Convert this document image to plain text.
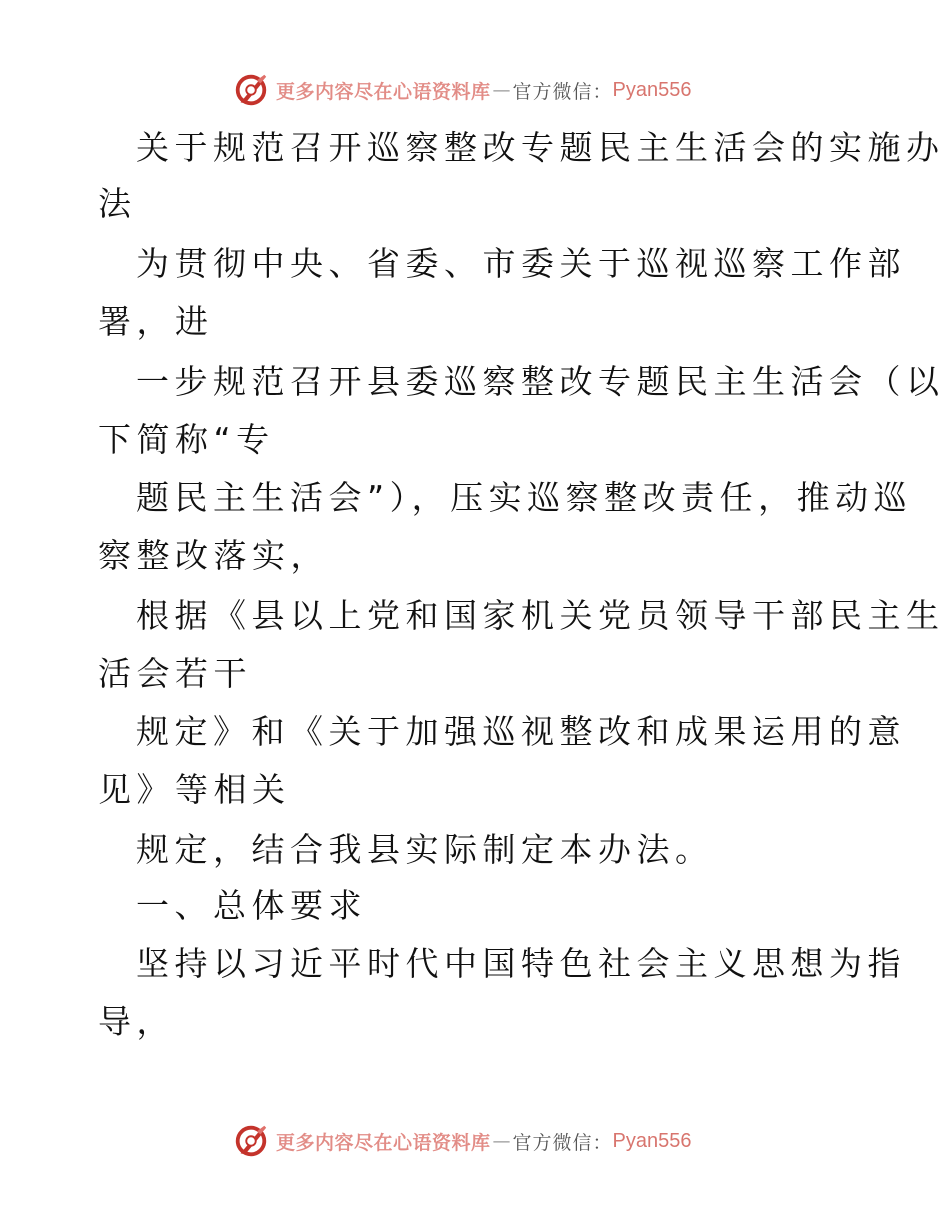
更多内容尽在心语资料库 — 官方微信： Pyan556
关于规范召开巡察整改专题民主生活会的实施办
法
为贯彻中央、省委、市委关于巡视巡察工作部
署，进
一步规范召开县委巡察整改专题民主生活会（以
下简称“专
题民主生活会”），压实巡察整改责任，推动巡
察整改落实，
根据《县以上党和国家机关党员领导干部民主生
活会若干
规定》和《关于加强巡视整改和成果运用的意
见》等相关
规定，结合我县实际制定本办法。
一、总体要求
坚持以习近平时代中国特色社会主义思想为指
导，
更多内容尽在心语资料库 — 官方微信： Pyan556
